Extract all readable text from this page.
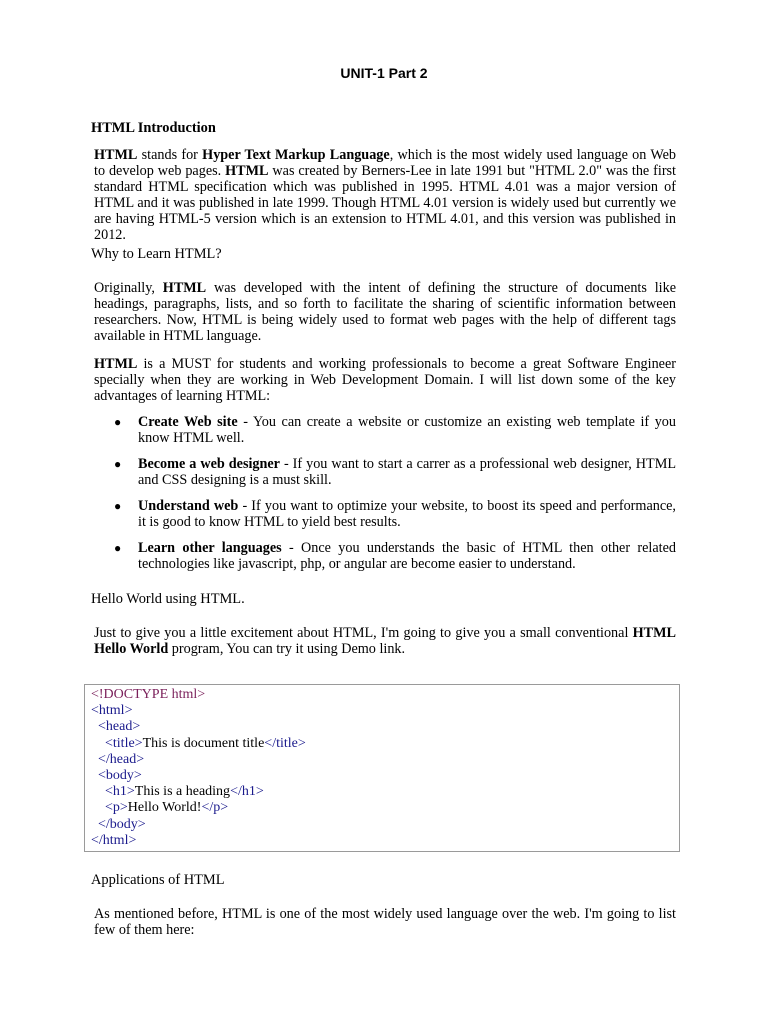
UNIT-1 Part 2
HTML Introduction

HTML stands for Hyper Text Markup Language, which is the most widely used language on Web to develop web pages. HTML was created by Berners-Lee in late 1991 but "HTML 2.0" was the first standard HTML specification which was published in 1995. HTML 4.01 was a major version of HTML and it was published in late 1999. Though HTML 4.01 version is widely used but currently we are having HTML-5 version which is an extension to HTML 4.01, and this version was published in 2012.

Why to Learn HTML?

Originally, HTML was developed with the intent of defining the structure of documents like headings, paragraphs, lists, and so forth to facilitate the sharing of scientific information between researchers. Now, HTML is being widely used to format web pages with the help of different tags available in HTML language.

HTML is a MUST for students and working professionals to become a great Software Engineer specially when they are working in Web Development Domain. I will list down some of the key advantages of learning HTML:

● Create Web site - You can create a website or customize an existing web template if you know HTML well.
● Become a web designer - If you want to start a carrer as a professional web designer, HTML and CSS designing is a must skill.
● Understand web - If you want to optimize your website, to boost its speed and performance, it is good to know HTML to yield best results.
● Learn other languages - Once you understands the basic of HTML then other related technologies like javascript, php, or angular are become easier to understand.
Hello World using HTML.

Just to give you a little excitement about HTML, I'm going to give you a small conventional HTML Hello World program, You can try it using Demo link.

<!DOCTYPE html>
<html>
<head>
<title>This is document title</title>
</head>
<body>
<h1>This is a heading</h1>
<p>Hello World!</p>
</body>
</html>
Applications of HTML

As mentioned before, HTML is one of the most widely used language over the web. I'm going to list few of them here:
